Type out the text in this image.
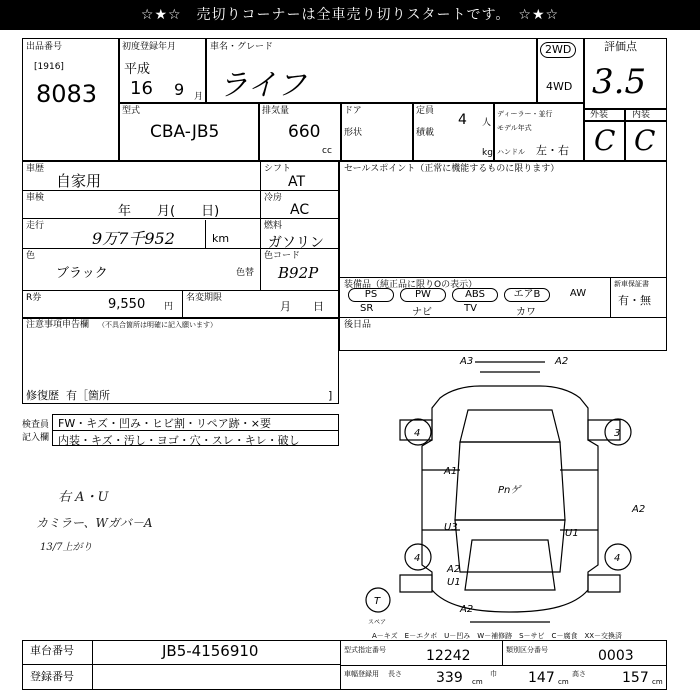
☆★☆　売切りコーナーは全車売り切りスタートです。　☆★☆
出品番号
[1916]
8083
初度登録年月
平成
16 9 月
車名・グレード
ライフ
2WD
4WD
評価点
3.5
外装	内装
C C
型式
CBA-JB5
排気量
660
cc
ドア
形状
定員
4 人
積載
kg
ディーラー・並行
モデル年式
ハンドル 左・右
車歴
自家用
シフト
AT
車検
年　　月(　　日)
冷房
AC
走行
9万7千952	km
燃料
ガソリン
色
ブラック	色替
色コード
B92P
R券	9,550 円
名変期限
月　　日
セールスポイント（正常に機能するものに限ります）
装備品（純正品に限りOの表示）	新車保証書
有・無
PS	PW	ABS	エアB	AW
SR	ナビ	TV	カワ
後日品
注意事項申告欄 （不具合箇所は明確に記入願います）
修復歴 有［箇所	]
検査員
記入欄
FW・キズ・凹み・ヒビ割・リペア跡・×要
内装・キズ・汚し・ヨゴ・穴・スレ・キレ・破し
右 A・U
カミラー、Wガバ－A
13/7上がり
A3	A2
A1
Pnゲ
A2
U3
U1
A2
U1
A2
4	3
4	4
T
スペア
A－キズ　E－エクボ　U－凹み　W－補修跡　S－サビ　C－腐食　XX－交換済
車台番号	JB5-4156910
登録番号
型式指定番号	12242	類別区分番号	0003
車幅登録用 長さ 339 cm
巾 147 cm
高さ	157 cm
